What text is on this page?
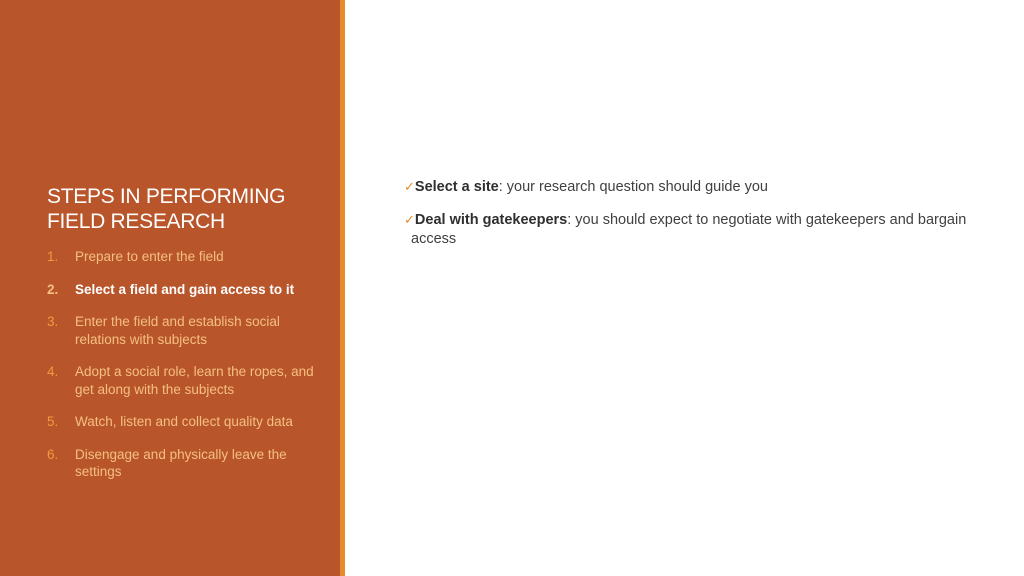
STEPS IN PERFORMING FIELD RESEARCH
1. Prepare to enter the field
2. Select a field and gain access to it
3. Enter the field and establish social relations with subjects
4. Adopt a social role, learn the ropes, and get along with the subjects
5. Watch, listen and collect quality data
6. Disengage and physically leave the settings
✓Select a site: your research question should guide you
✓Deal with gatekeepers: you should expect to negotiate with gatekeepers and bargain access
